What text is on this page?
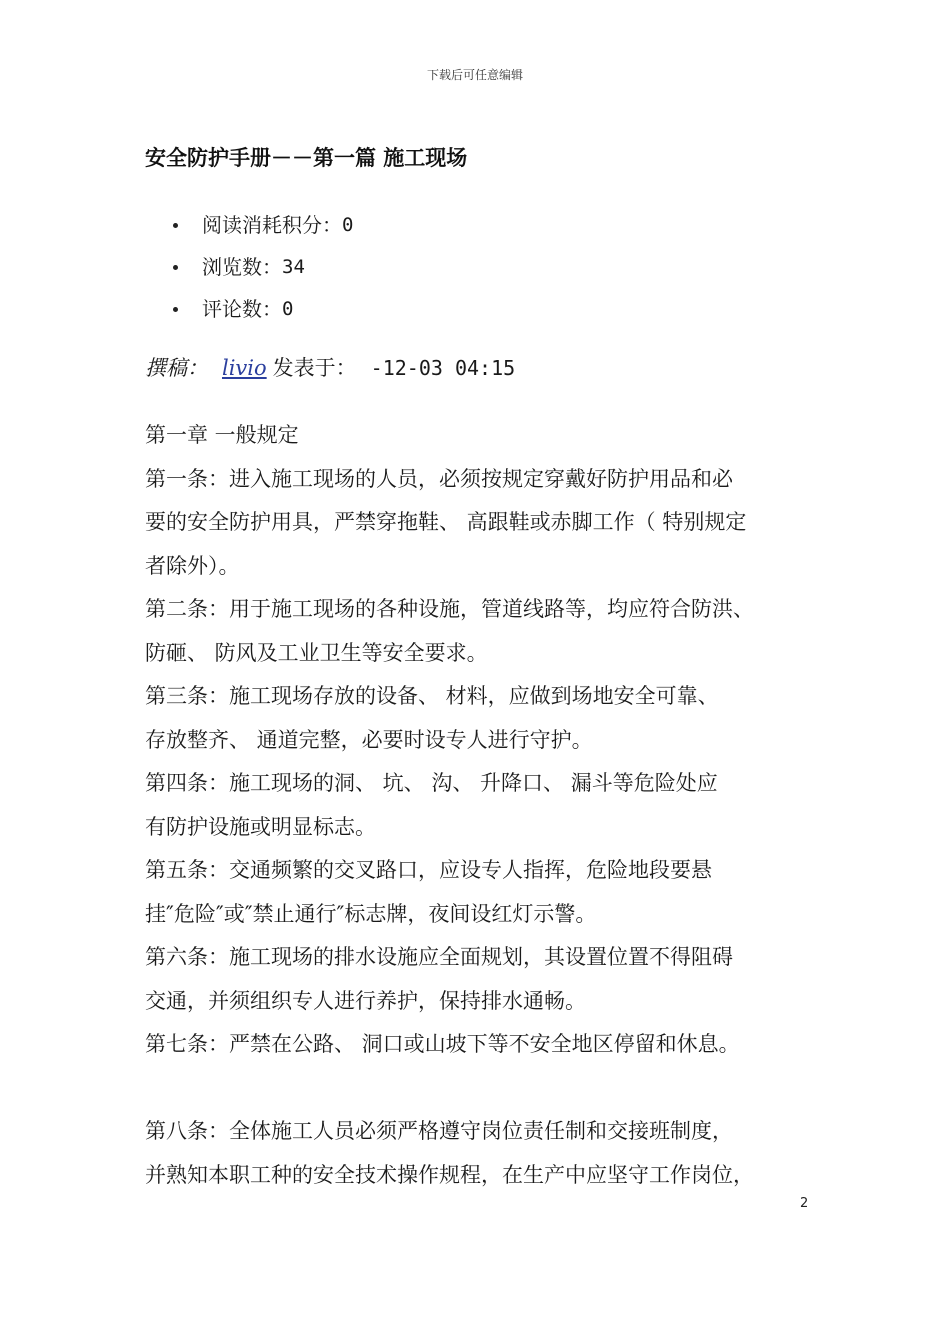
下载后可任意编辑
安全防护手册－－第一篇 施工现场
阅读消耗积分： 0
浏览数： 34
评论数： 0
撰稿： livio 发表于： -12-03 04:15
第一章 一般规定
第一条：进入施工现场的人员，必须按规定穿戴好防护用品和必
要的安全防护用具，严禁穿拖鞋、 高跟鞋或赤脚工作（ 特别规定
者除外）。
第二条：用于施工现场的各种设施，管道线路等，均应符合防洪、
防砸、 防风及工业卫生等安全要求。
第三条：施工现场存放的设备、 材料，应做到场地安全可靠、
存放整齐、 通道完整，必要时设专人进行守护。
第四条：施工现场的洞、 坑、 沟、 升降口、 漏斗等危险处应
有防护设施或明显标志。
第五条：交通频繁的交叉路口，应设专人指挥，危险地段要悬
挂″危险″或″禁止通行″标志牌，夜间设红灯示警。
第六条：施工现场的排水设施应全面规划，其设置位置不得阻碍
交通，并须组织专人进行养护，保持排水通畅。
第七条：严禁在公路、 洞口或山坡下等不安全地区停留和休息。
第八条：全体施工人员必须严格遵守岗位责任制和交接班制度，
并熟知本职工种的安全技术操作规程，在生产中应坚守工作岗位，
2
